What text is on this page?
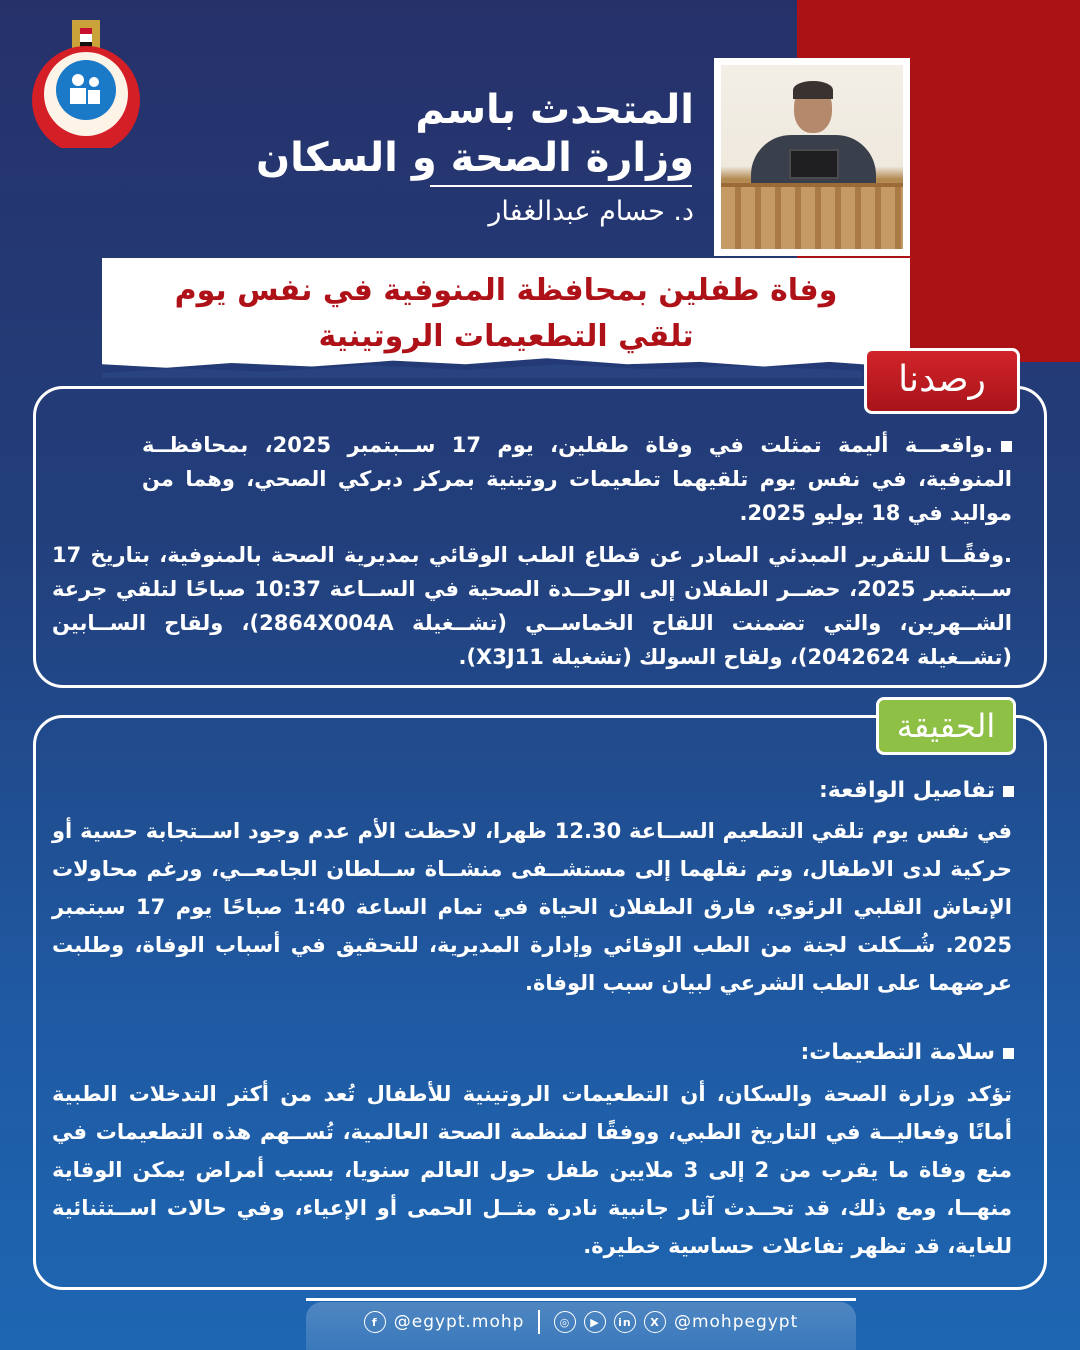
المتحدث باسم
وزارة الصحة و السكان
د. حسام عبدالغفار
وفاة طفلين بمحافظة المنوفية في نفس يوم
تلقي التطعيمات الروتينية
رصدنا
.واقعـــة أليمة تمثلت في وفاة طفلين، يوم 17 ســبتمبر 2025، بمحافظــة المنوفية، في نفس يوم تلقيهما تطعيمات روتينية بمركز دبركي الصحي، وهما من مواليد في 18 يوليو 2025.
.وفقًــا للتقرير المبدئي الصادر عن قطاع الطب الوقائي بمديرية الصحة بالمنوفية، بتاريخ 17 ســبتمبر 2025، حضــر الطفلان إلى الوحــدة الصحية في الســاعة 10:37 صباحًا لتلقي جرعة الشــهرين، والتي تضمنت اللقاح الخماســي (تشــغيلة 2864X004A)، ولقاح الســابين (تشــغيلة 2042624)، ولقاح السولك (تشغيلة X3J11).
الحقيقة
تفاصيل الواقعة:
في نفس يوم تلقي التطعيم الســاعة 12.30 ظهرا، لاحظت الأم عدم وجود اســتجابة حسية أو حركية لدى الاطفال، وتم نقلهما إلى مستشــفى منشــاة ســلطان الجامعــي، ورغم محاولات الإنعاش القلبي الرئوي، فارق الطفلان الحياة في تمام الساعة 1:40 صباحًا يوم 17 سبتمبر 2025. شُــكلت لجنة من الطب الوقائي وإدارة المديرية، للتحقيق في أسباب الوفاة، وطلبت عرضهما على الطب الشرعي لبيان سبب الوفاة.
سلامة التطعيمات:
تؤكد وزارة الصحة والسكان، أن التطعيمات الروتينية للأطفال تُعد من أكثر التدخلات الطبية أمانًا وفعاليــة في التاريخ الطبي، ووفقًا لمنظمة الصحة العالمية، تُســهم هذه التطعيمات في منع وفاة ما يقرب من 2 إلى 3 ملايين طفل حول العالم سنويا، بسبب أمراض يمكن الوقاية منهــا، ومع ذلك، قد تحــدث آثار جانبية نادرة مثــل الحمى أو الإعياء، وفي حالات اســتثنائية للغاية، قد تظهر تفاعلات حساسية خطيرة.
f @egypt.mohp	◎	▶	in	X @mohpegypt
